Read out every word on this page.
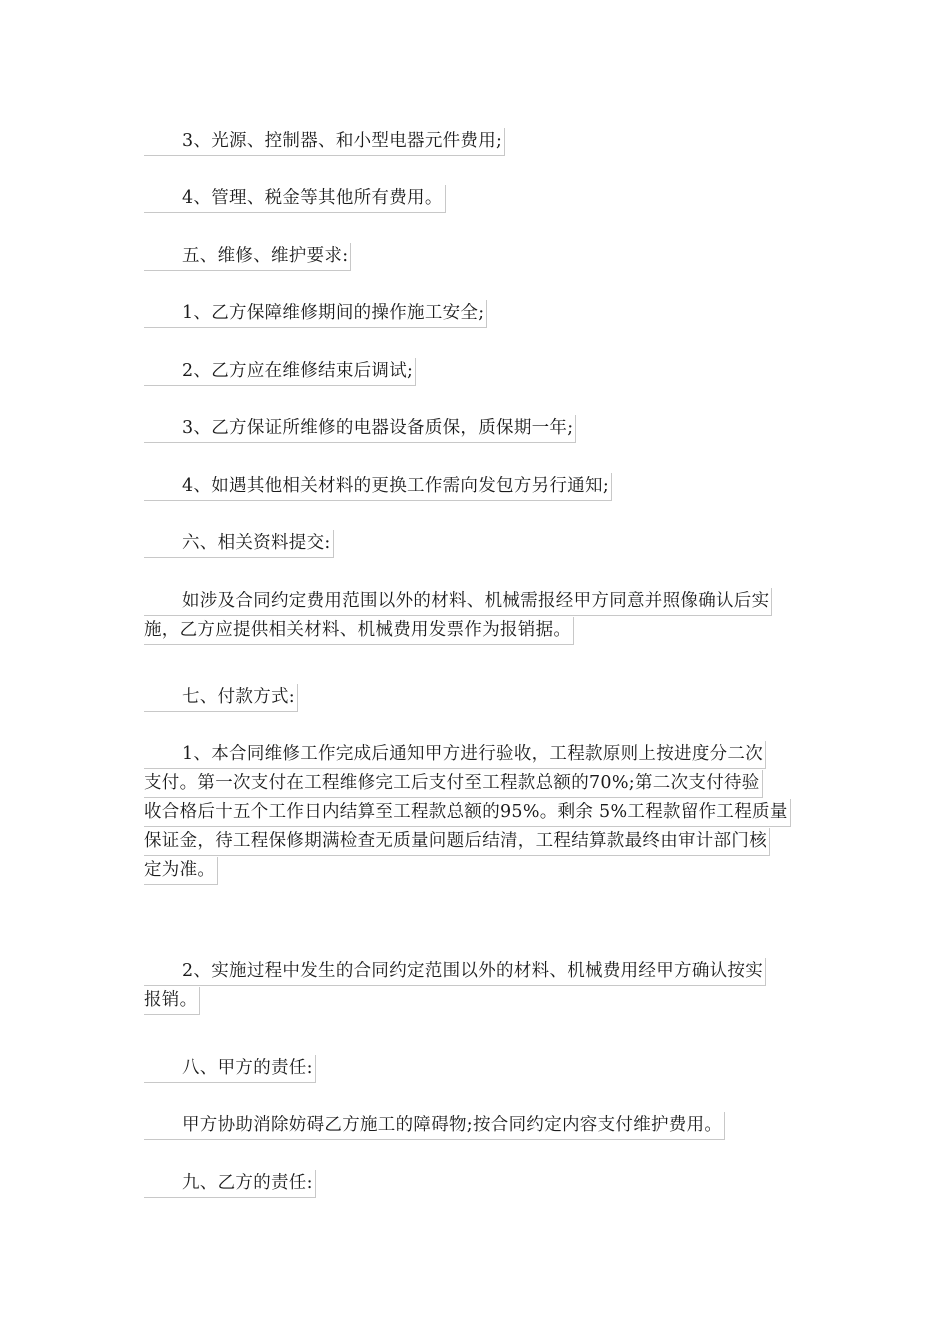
3、光源、控制器、和小型电器元件费用;
4、管理、税金等其他所有费用。
五、维修、维护要求:
1、乙方保障维修期间的操作施工安全;
2、乙方应在维修结束后调试;
3、乙方保证所维修的电器设备质保，质保期一年;
4、如遇其他相关材料的更换工作需向发包方另行通知;
六、相关资料提交:
如涉及合同约定费用范围以外的材料、机械需报经甲方同意并照像确认后实
施，乙方应提供相关材料、机械费用发票作为报销据。
七、付款方式:
1、本合同维修工作完成后通知甲方进行验收，工程款原则上按进度分二次
支付。第一次支付在工程维修完工后支付至工程款总额的70%;第二次支付待验
收合格后十五个工作日内结算至工程款总额的95%。剩余 5%工程款留作工程质量
保证金，待工程保修期满检查无质量问题后结清，工程结算款最终由审计部门核
定为准。
2、实施过程中发生的合同约定范围以外的材料、机械费用经甲方确认按实
报销。
八、甲方的责任:
甲方协助消除妨碍乙方施工的障碍物;按合同约定内容支付维护费用。
九、乙方的责任:
